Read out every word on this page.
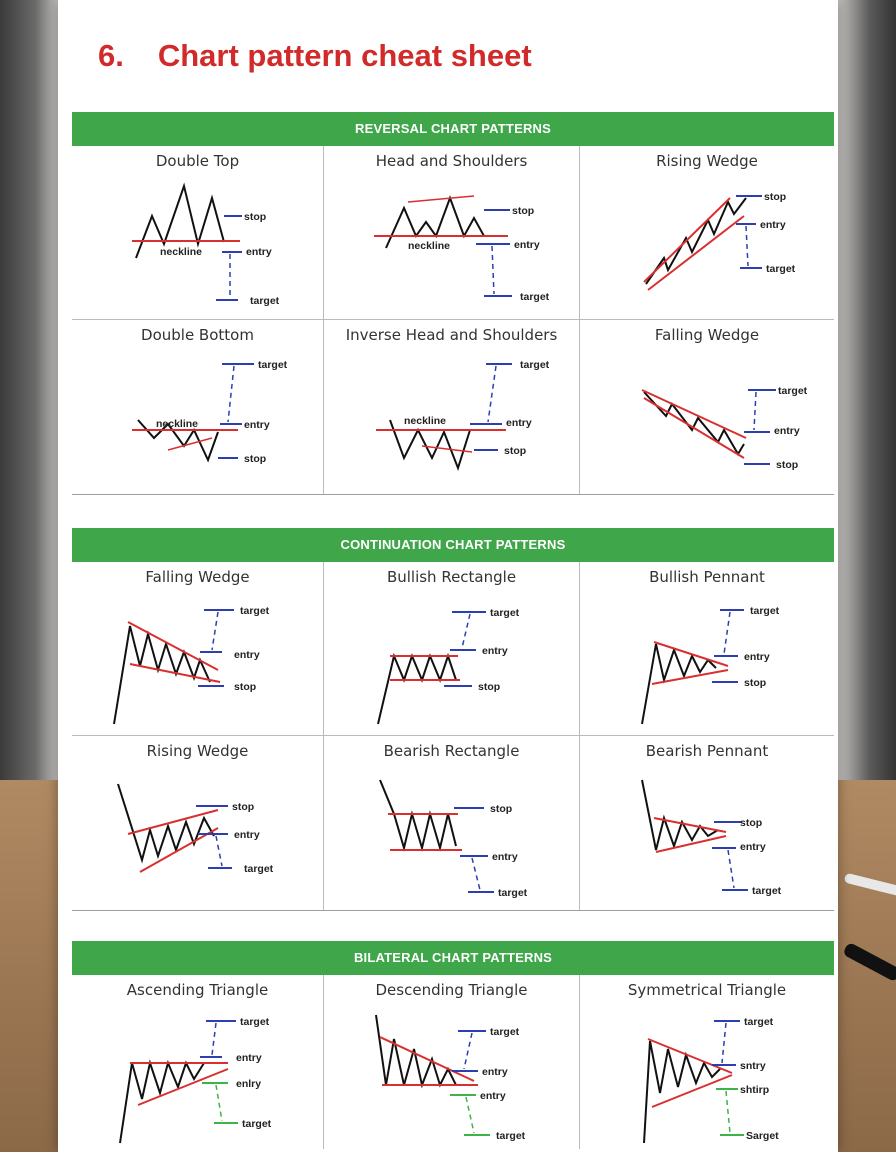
6. Chart pattern cheat sheet
REVERSAL CHART PATTERNS
Double Top
stop
neckline	entry
target
Head and Shoulders
stop
neckline	entry
target
Rising Wedge
stop
entry
target
Double Bottom
target
neckline	entry
stop
Inverse Head and Shoulders
target
neckline	entry
stop
Falling Wedge
target
entry
stop
CONTINUATION CHART PATTERNS
Falling Wedge
target
entry
stop
Bullish Rectangle
target
entry
stop
Bullish Pennant
target
entry
stop
Rising Wedge
stop
entry
target
Bearish Rectangle
stop
entry
target
Bearish Pennant
stop
entry
target
BILATERAL CHART PATTERNS
Ascending Triangle
target
entry
enlry
target
Descending Triangle
target
entry
entry
target
Symmetrical Triangle
target
sntry
shtirp
Sarget
